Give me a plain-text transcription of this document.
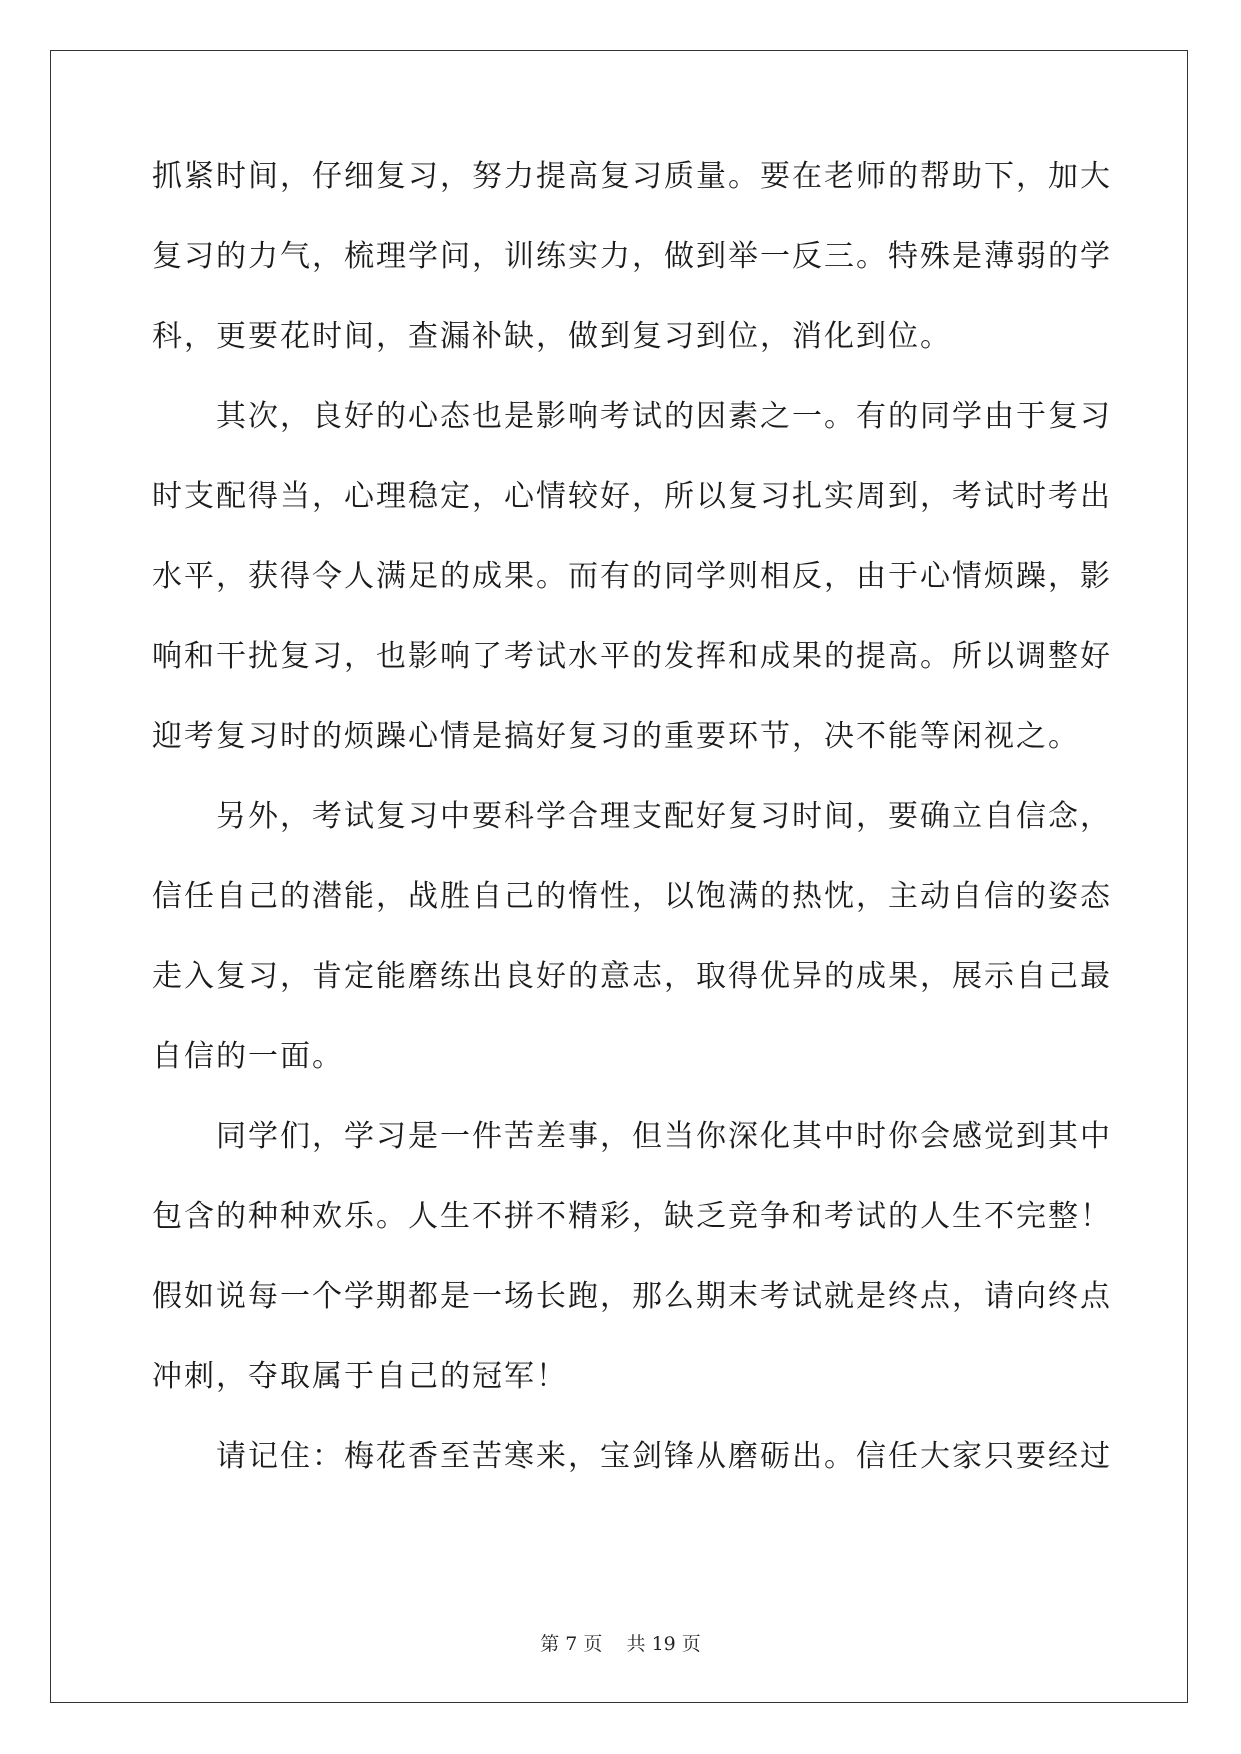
抓紧时间，仔细复习，努力提高复习质量。要在老师的帮助下，加大
复习的力气，梳理学问，训练实力，做到举一反三。特殊是薄弱的学
科，更要花时间，查漏补缺，做到复习到位，消化到位。
其次，良好的心态也是影响考试的因素之一。有的同学由于复习
时支配得当，心理稳定，心情较好，所以复习扎实周到，考试时考出
水平，获得令人满足的成果。而有的同学则相反，由于心情烦躁，影
响和干扰复习，也影响了考试水平的发挥和成果的提高。所以调整好
迎考复习时的烦躁心情是搞好复习的重要环节，决不能等闲视之。
另外，考试复习中要科学合理支配好复习时间，要确立自信念，
信任自己的潜能，战胜自己的惰性，以饱满的热忱，主动自信的姿态
走入复习，肯定能磨练出良好的意志，取得优异的成果，展示自己最
自信的一面。
同学们，学习是一件苦差事，但当你深化其中时你会感觉到其中
包含的种种欢乐。人生不拼不精彩，缺乏竞争和考试的人生不完整！
假如说每一个学期都是一场长跑，那么期末考试就是终点，请向终点
冲刺，夺取属于自己的冠军！
请记住：梅花香至苦寒来，宝剑锋从磨砺出。信任大家只要经过
第 7 页 共 19 页
